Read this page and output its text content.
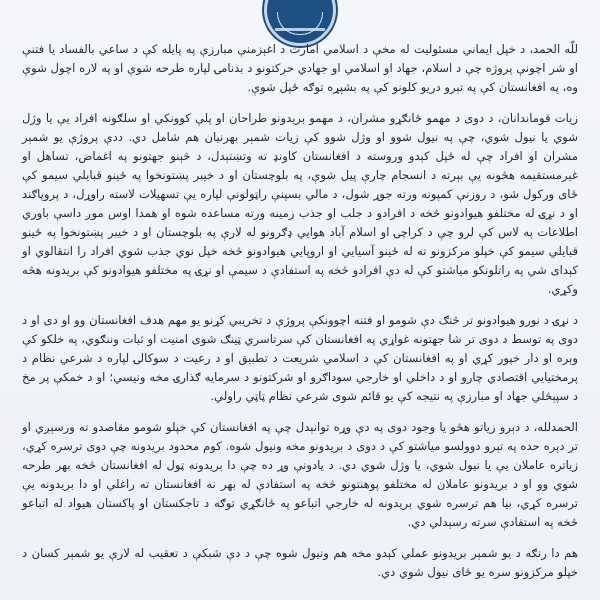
للّه الحمد، د خپل ایماني مسئولیت له مخې د اسلامي امارت د اغېزمنې مبارزې په پایله کې د ساعي بالفساد یا فتنې او شر اچونې پروژه چې د اسلام، جهاد او اسلامي او جهادي حرکتونو د بدنامۍ لپاره طرحه شوې او په لاره اچول شوې وه، په افغانستان کې په تېرو دریو کلونو کې په بشپړه توګه ځپل شوې.

زیات قوماندانان، د دوی د مهمو ځانګړو مشران، د مهمو بریدونو طراحان او پلې کوونکي او سلګونه افراد یې یا وژل شوي یا نیول شوي، چې په نیول شوو او وژل شوو کې زیات شمېر بهرنیان هم شامل دي. ددې پروژې یو شمېر مشران او افراد چې له ځپل کېدو وروسته د افغانستان کاونډ ته وتښتېدل، د څېنو جهتونو په اغماض، تساهل او غیرمستقیمه هڅونه یې بېرته د انسجام چارې پیل شوې، په بلوچستان او د خیبر پښتونخوا په ځینو قبایلي سیمو کې ځای ورکول شو، د روزنې کمپونه ورته جوړ شول، د مالي بسپنې راټولونې لپاره یې تسهیلات لاسته راوړل، د پروپاګند او د نړۍ له مختلفو هیوادونو څخه د افرادو د جلب او جذب زمینه ورته مساعده شوه او همدا اوس موږ داسې باوري اطلاعات په لاس کې لرو چې د کراچۍ او اسلام آباد هوایي ډګرونو له لارې په بلوچستان او د خیبر پښتونخوا په ځینو قبایلي سیمو کې خپلو مرکزونو ته له ځینو آسیایي او اروپایي هیوادونو څخه خپل نوي جذب شوي افراد را انتقالوي او کېدای شي په راتلونکو میاشتو کې له دې افرادو څخه په استفادې د سیمې او نړۍ په مختلفو هیوادونو کې بریدونه هڅه وکړي.

د نړۍ د نورو هیوادونو تر څنګ دې شومو او فتنه اچوونکې پروژې د تخریبي کړنو یو مهم هدف افغانستان وو او دی او د دوی په توسط د دوی تر شا جهتونه غواړي په افغانستان کې سرتاسري ټینګ شوی امنیت او ثبات وننګوي، په خلکو کې وېره او دار خپور کړي او په افغانستان کې د اسلامي شریعت د تطبیق او د رعیت د سوکالۍ لپاره د شرعي نظام د پرمختیایي اقتصادي چارو او د داخلي او خارجي سوداګرو او شرکتونو د سرمایه ګذارۍ مخه ونیسي؛ او د خمکې پر مخ د سپېڅلي جهاد او مبارزې په نتیجه کې یو قائم شوی شرعي نظام ټاټي راولي.

الحمدلله، د دېرو زیاتو هڅو یا وجود دوی په دې وړه توانېدل چې په افغانستان کې خپلو شومو مقاصدو ته ورسېږي او تر دېره حده په تېرو دوولسو میاشتو کې د دوی د بریدونو مخه ونیول شوه. کوم محدود بریدونه چې دوی ترسره کړي، زیاتره عاملان یې یا نیول شوي، یا وژل شوي دي. د یادونې وړ ده چې دا بریدونه ټول له افغانستان څخه بهر طرحه شوي وو او د بریدونو عاملان له مختلفو پوهنتونو څخه په استفادې له بهر نه افغانستان ته راغلي او دا بریدونه یې ترسره کړي، بیا هم ترسره شوي بریدونه له خارجي اتباعو په ځانګړي توګه د تاجکستان او پاکستان هیواد له اتباعو څخه په استفادې سرته رسېدلي دي.

هم دا رنګه د یو شمېر بریدونو عملي کېدو مخه هم ونیول شوه چې د دې شبکې د تعقیب له لارې یو شمېر کسان د خپلو مرکزونو سره یو ځای نیول شوي دي.
